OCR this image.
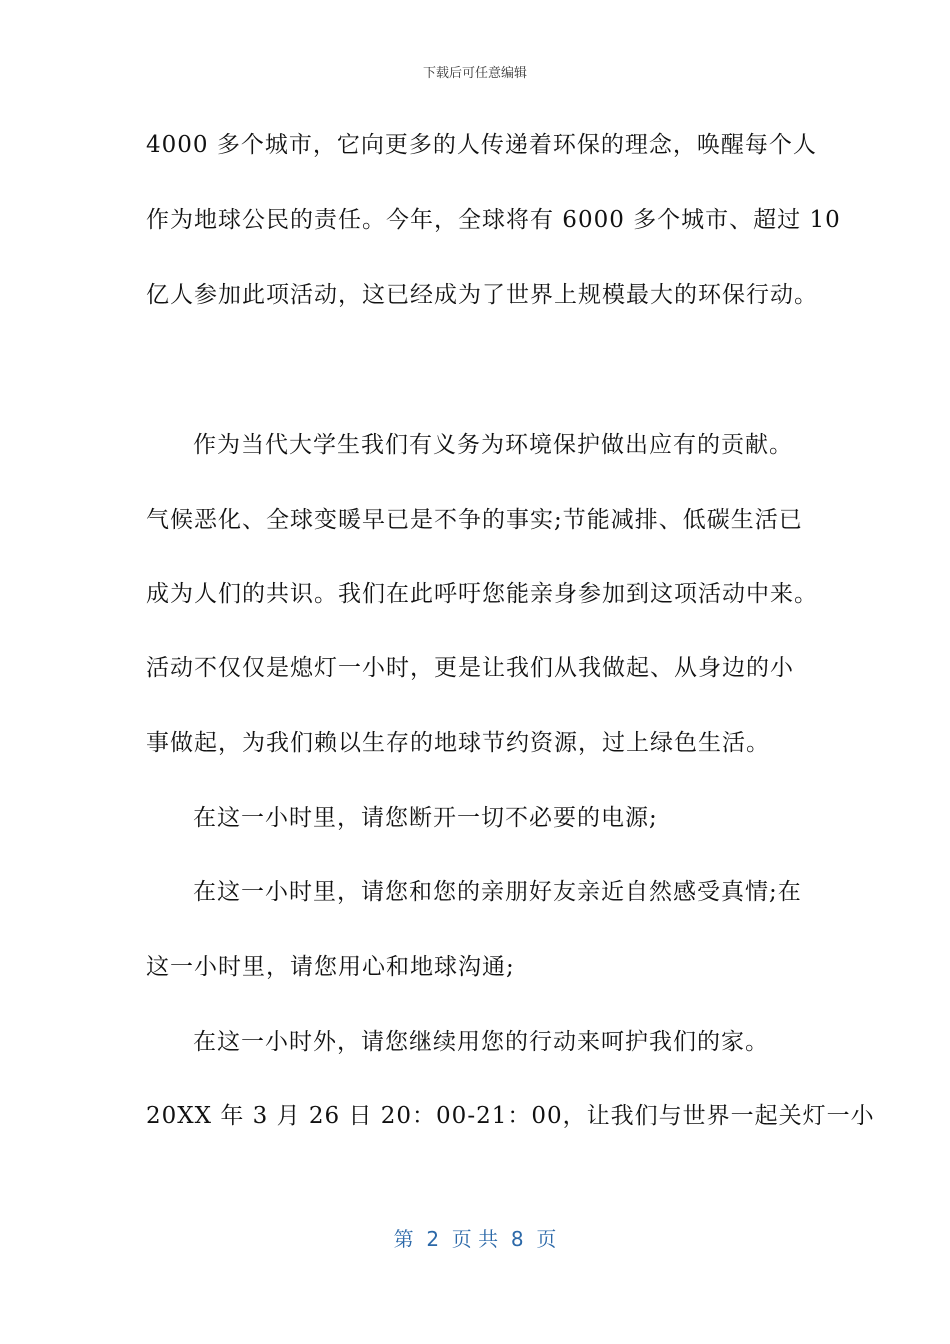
下载后可任意编辑
4000 多个城市，它向更多的人传递着环保的理念，唤醒每个人
作为地球公民的责任。今年，全球将有 6000 多个城市、超过 10
亿人参加此项活动，这已经成为了世界上规模最大的环保行动。
作为当代大学生我们有义务为环境保护做出应有的贡献。
气候恶化、全球变暖早已是不争的事实;节能减排、低碳生活已
成为人们的共识。我们在此呼吁您能亲身参加到这项活动中来。
活动不仅仅是熄灯一小时，更是让我们从我做起、从身边的小
事做起，为我们赖以生存的地球节约资源，过上绿色生活。
在这一小时里，请您断开一切不必要的电源;
在这一小时里，请您和您的亲朋好友亲近自然感受真情;在
这一小时里，请您用心和地球沟通;
在这一小时外，请您继续用您的行动来呵护我们的家。
20XX 年 3 月 26 日 20：00-21：00，让我们与世界一起关灯一小
第  2  页 共  8  页
